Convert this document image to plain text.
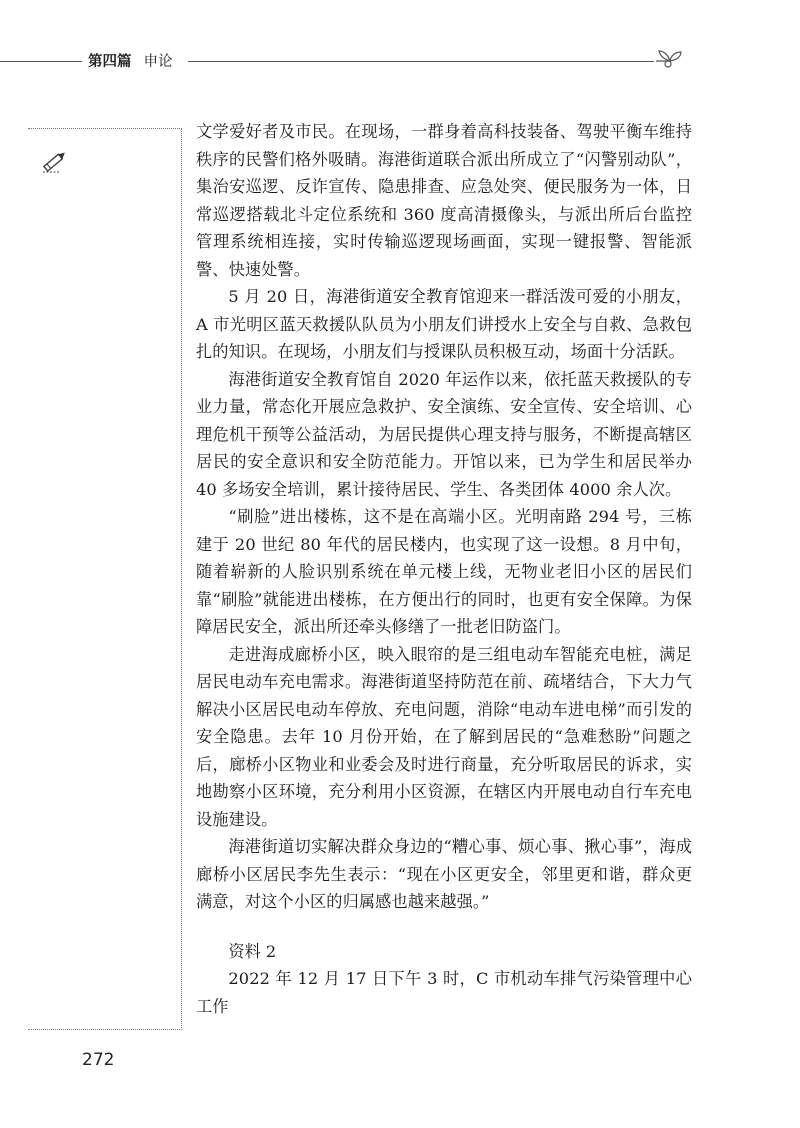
第四篇 申论

文学爱好者及市民。在现场，一群身着高科技装备、驾驶平衡车维持秩序的民警们格外吸睛。海港街道联合派出所成立了“闪警别动队”，集治安巡逻、反诈宣传、隐患排查、应急处突、便民服务为一体，日常巡逻搭载北斗定位系统和 360 度高清摄像头，与派出所后台监控管理系统相连接，实时传输巡逻现场画面，实现一键报警、智能派警、快速处警。

5 月 20 日，海港街道安全教育馆迎来一群活泼可爱的小朋友，A 市光明区蓝天救援队队员为小朋友们讲授水上安全与自救、急救包扎的知识。在现场，小朋友们与授课队员积极互动，场面十分活跃。

海港街道安全教育馆自 2020 年运作以来，依托蓝天救援队的专业力量，常态化开展应急救护、安全演练、安全宣传、安全培训、心理危机干预等公益活动，为居民提供心理支持与服务，不断提高辖区居民的安全意识和安全防范能力。开馆以来，已为学生和居民举办 40 多场安全培训，累计接待居民、学生、各类团体 4000 余人次。

“刷脸”进出楼栋，这不是在高端小区。光明南路 294 号，三栋建于 20 世纪 80 年代的居民楼内，也实现了这一设想。8 月中旬，随着崭新的人脸识别系统在单元楼上线，无物业老旧小区的居民们靠“刷脸”就能进出楼栋，在方便出行的同时，也更有安全保障。为保障居民安全，派出所还牵头修缮了一批老旧防盗门。

走进海成廊桥小区，映入眼帘的是三组电动车智能充电桩，满足居民电动车充电需求。海港街道坚持防范在前、疏堵结合，下大力气解决小区居民电动车停放、充电问题，消除“电动车进电梯”而引发的安全隐患。去年 10 月份开始，在了解到居民的“急难愁盼”问题之后，廊桥小区物业和业委会及时进行商量，充分听取居民的诉求，实地勘察小区环境，充分利用小区资源，在辖区内开展电动自行车充电设施建设。

海港街道切实解决群众身边的“糟心事、烦心事、揪心事”，海成廊桥小区居民李先生表示：“现在小区更安全，邻里更和谐，群众更满意，对这个小区的归属感也越来越强。”

资料 2

2022 年 12 月 17 日下午 3 时，C 市机动车排气污染管理中心工作

272
